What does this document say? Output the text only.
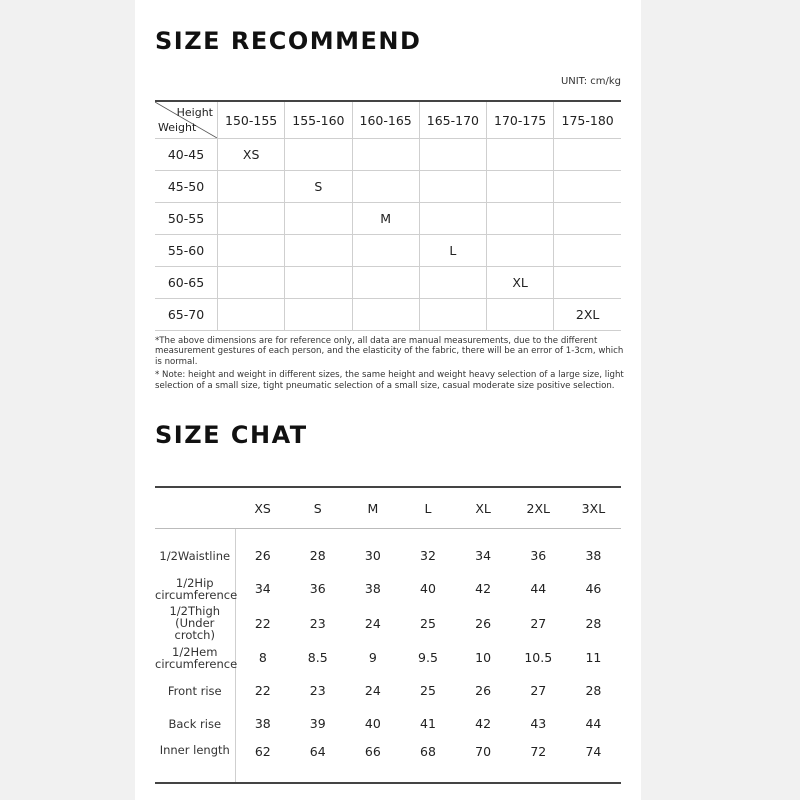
SIZE RECOMMEND
UNIT: cm/kg
Height
Weight	150-155	155-160	160-165	165-170	170-175	175-180
40-45	XS					
45-50		S				
50-55			M			
55-60				L		
60-65					XL	
65-70						2XL

*The above dimensions are for reference only, all data are manual measurements, due to the different measurement gestures of each person, and the elasticity of the fabric, there will be an error of 1-3cm, which is normal.

* Note: height and weight in different sizes, the same height and weight heavy selection of a large size, light selection of a small size, tight pneumatic selection of a small size, casual moderate size positive selection.

SIZE CHAT
	XS	S	M	L	XL	2XL	3XL

1/2Waistline	26	28	30	32	34	36	38
1/2Hip
circumference	34	36	38	40	42	44	46
1/2Thigh
(Under crotch)	22	23	24	25	26	27	28
1/2Hem
circumference	8	8.5	9	9.5	10	10.5	11
Front rise	22	23	24	25	26	27	28
Back rise	38	39	40	41	42	43	44
Inner length	62	64	66	68	70	72	74
